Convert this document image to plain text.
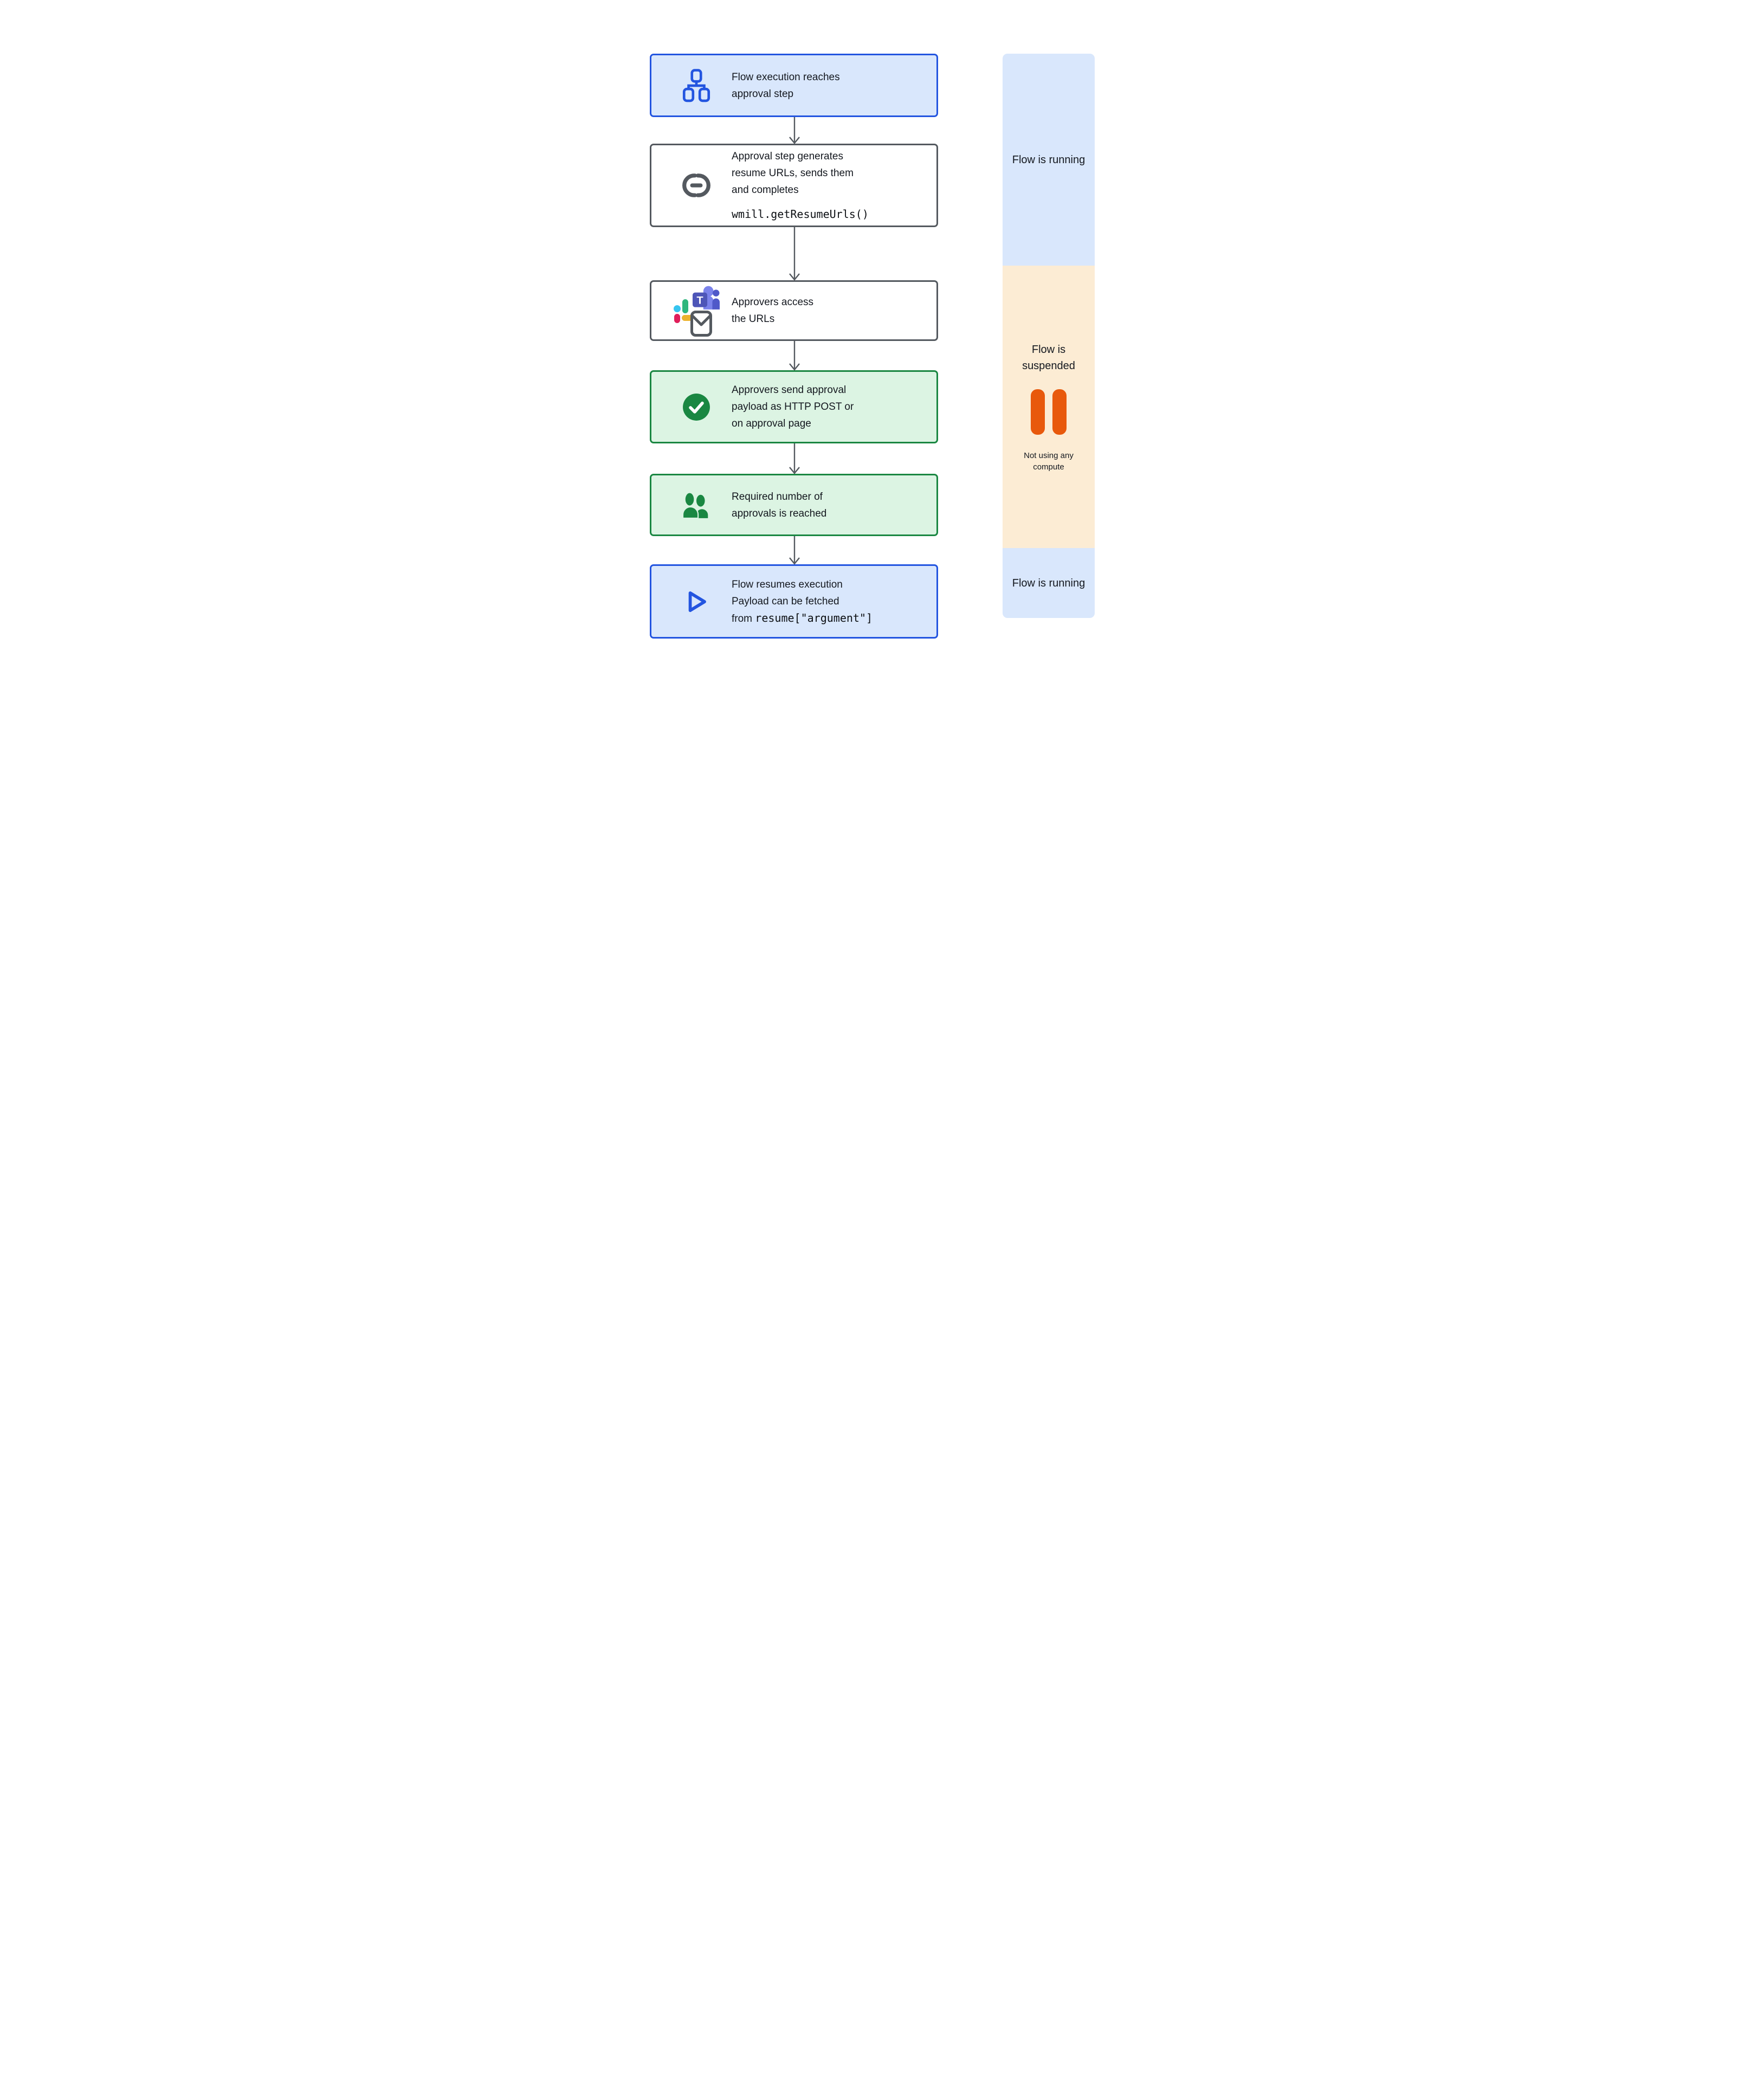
Flow execution reaches
approval step
Approval step generates
resume URLs, sends them
and completes
wmill.getResumeUrls()
T	Approvers access
the URLs
Approvers send approval
payload as HTTP POST or
on approval page
Required number of
approvals is reached
Flow resumes execution
Payload can be fetched
from resume["argument"]
Flow is running
Flow is suspended
Not using any compute
Flow is running
